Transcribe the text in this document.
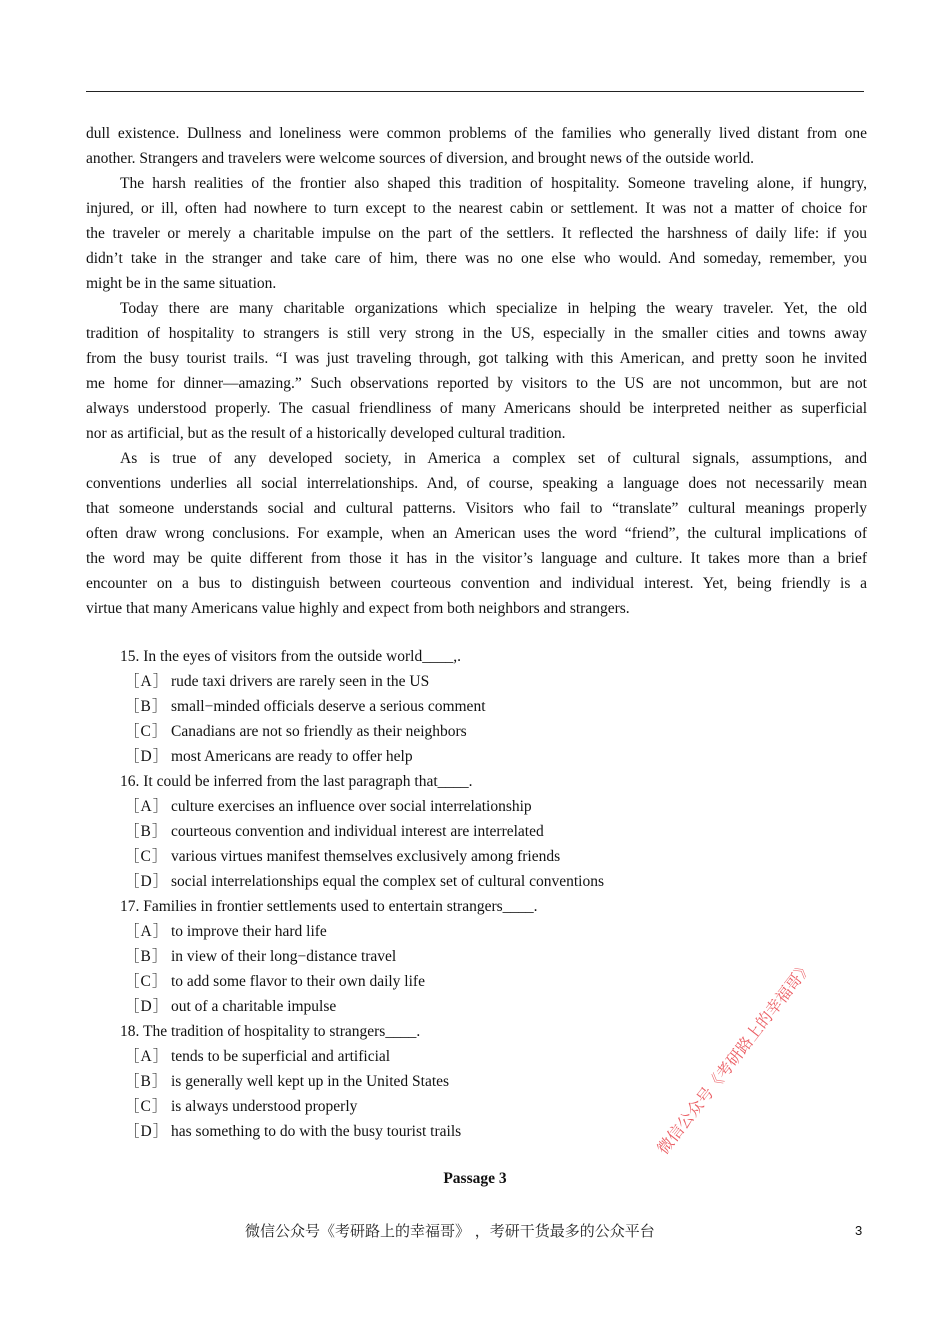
dull existence. Dullness and loneliness were common problems of the families who generally lived distant from one
another. Strangers and travelers were welcome sources of diversion, and brought news of the outside world.
The harsh realities of the frontier also shaped this tradition of hospitality. Someone traveling alone, if hungry,
injured, or ill, often had nowhere to turn except to the nearest cabin or settlement. It was not a matter of choice for
the traveler or merely a charitable impulse on the part of the settlers. It reflected the harshness of daily life: if you
didn’t take in the stranger and take care of him, there was no one else who would. And someday, remember, you
might be in the same situation.
Today there are many charitable organizations which specialize in helping the weary traveler. Yet, the old
tradition of hospitality to strangers is still very strong in the US, especially in the smaller cities and towns away
from the busy tourist trails. “I was just traveling through, got talking with this American, and pretty soon he invited
me home for dinner—amazing.” Such observations reported by visitors to the US are not uncommon, but are not
always understood properly. The casual friendliness of many Americans should be interpreted neither as superficial
nor as artificial, but as the result of a historically developed cultural tradition.
As is true of any developed society, in America a complex set of cultural signals, assumptions, and
conventions underlies all social interrelationships. And, of course, speaking a language does not necessarily mean
that someone understands social and cultural patterns. Visitors who fail to “translate” cultural meanings properly
often draw wrong conclusions. For example, when an American uses the word “friend”, the cultural implications of
the word may be quite different from those it has in the visitor’s language and culture. It takes more than a brief
encounter on a bus to distinguish between courteous convention and individual interest. Yet, being friendly is a
virtue that many Americans value highly and expect from both neighbors and strangers.
15. In the eyes of visitors from the outside world____,.
［A］ rude taxi drivers are rarely seen in the US
［B］ small−minded officials deserve a serious comment
［C］ Canadians are not so friendly as their neighbors
［D］ most Americans are ready to offer help
16. It could be inferred from the last paragraph that____.
［A］ culture exercises an influence over social interrelationship
［B］ courteous convention and individual interest are interrelated
［C］ various virtues manifest themselves exclusively among friends
［D］ social interrelationships equal the complex set of cultural conventions
17. Families in frontier settlements used to entertain strangers____.
［A］ to improve their hard life
［B］ in view of their long−distance travel
［C］ to add some flavor to their own daily life
［D］ out of a charitable impulse
18. The tradition of hospitality to strangers____.
［A］ tends to be superficial and artificial
［B］ is generally well kept up in the United States
［C］ is always understood properly
［D］ has something to do with the busy tourist trails
Passage 3
微信公众号《考研路上的幸福哥》 ，考研干货最多的公众平台	3
微信公众号《考研路上的幸福哥》
